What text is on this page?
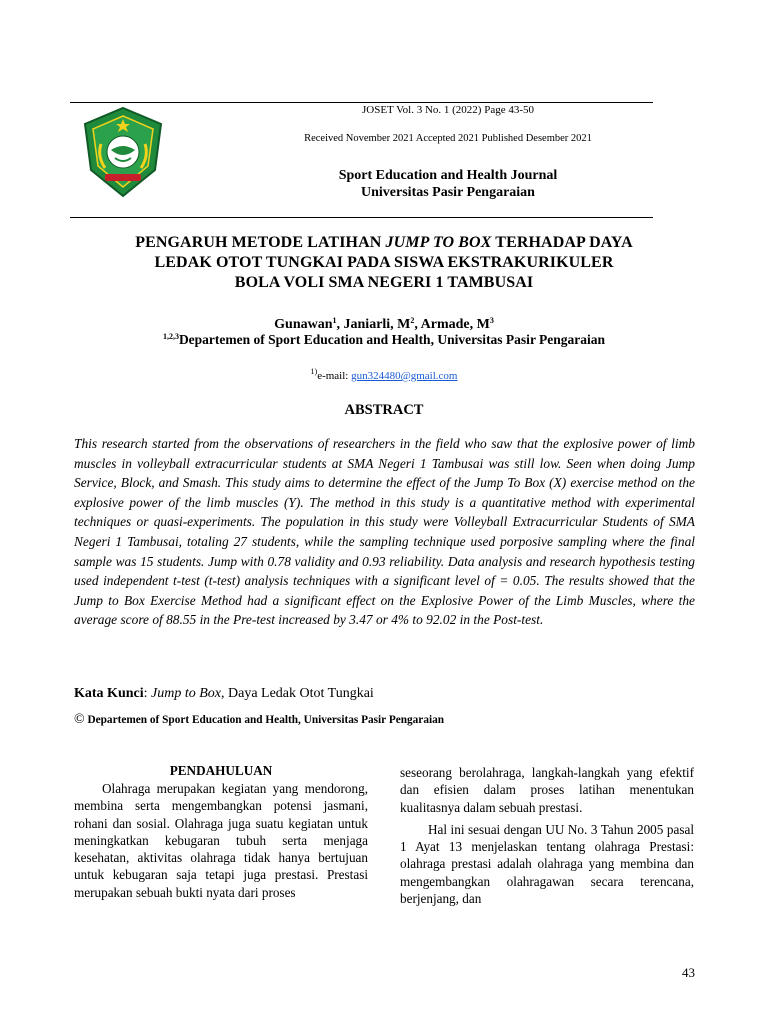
JOSET Vol. 3 No. 1 (2022) Page 43-50
Received November 2021 Accepted 2021 Published Desember 2021
Sport Education and Health Journal
Universitas Pasir Pengaraian
PENGARUH METODE LATIHAN JUMP TO BOX TERHADAP DAYA
LEDAK OTOT TUNGKAI PADA SISWA EKSTRAKURIKULER
BOLA VOLI SMA NEGERI 1 TAMBUSAI
Gunawan$^1$, Janiarli, $M^2$, Armade, $M^3$
$^{1,2,3}$Departemen of Sport Education and Health, Universitas Pasir Pengaraian
$^{1)}$e-mail: gun324480@gmail.com
ABSTRACT
This research started from the observations of researchers in the field who saw that the explosive power of limb muscles in volleyball extracurricular students at SMA Negeri 1 Tambusai was still low. Seen when doing Jump Service, Block, and Smash. This study aims to determine the effect of the Jump To Box (X) exercise method on the explosive power of the limb muscles (Y). The method in this study is a quantitative method with experimental techniques or quasi-experiments. The population in this study were Volleyball Extracurricular Students of SMA Negeri 1 Tambusai, totaling 27 students, while the sampling technique used porposive sampling where the final sample was 15 students. Jump with 0.78 validity and 0.93 reliability. Data analysis and research hypothesis testing used independent t-test (t-test) analysis techniques with a significant level of = 0.05. The results showed that the Jump to Box Exercise Method had a significant effect on the Explosive Power of the Limb Muscles, where the average score of 88.55 in the Pre-test increased by 3.47 or 4% to 92.02 in the Post-test.
Kata Kunci: Jump to Box, Daya Ledak Otot Tungkai
© Departemen of Sport Education and Health, Universitas Pasir Pengaraian
PENDAHULUAN

Olahraga merupakan kegiatan yang mendorong, membina serta mengembangkan potensi jasmani, rohani dan sosial. Olahraga juga suatu kegiatan untuk meningkatkan kebugaran tubuh serta menjaga kesehatan, aktivitas olahraga tidak hanya bertujuan untuk kebugaran saja tetapi juga prestasi. Prestasi merupakan sebuah bukti nyata dari proses

seseorang berolahraga, langkah-langkah yang efektif dan efisien dalam proses latihan menentukan kualitasnya dalam sebuah prestasi.

Hal ini sesuai dengan UU No. 3 Tahun 2005 pasal 1 Ayat 13 menjelaskan tentang olahraga Prestasi: olahraga prestasi adalah olahraga yang membina dan mengembangkan olahragawan secara terencana, berjenjang, dan

43
